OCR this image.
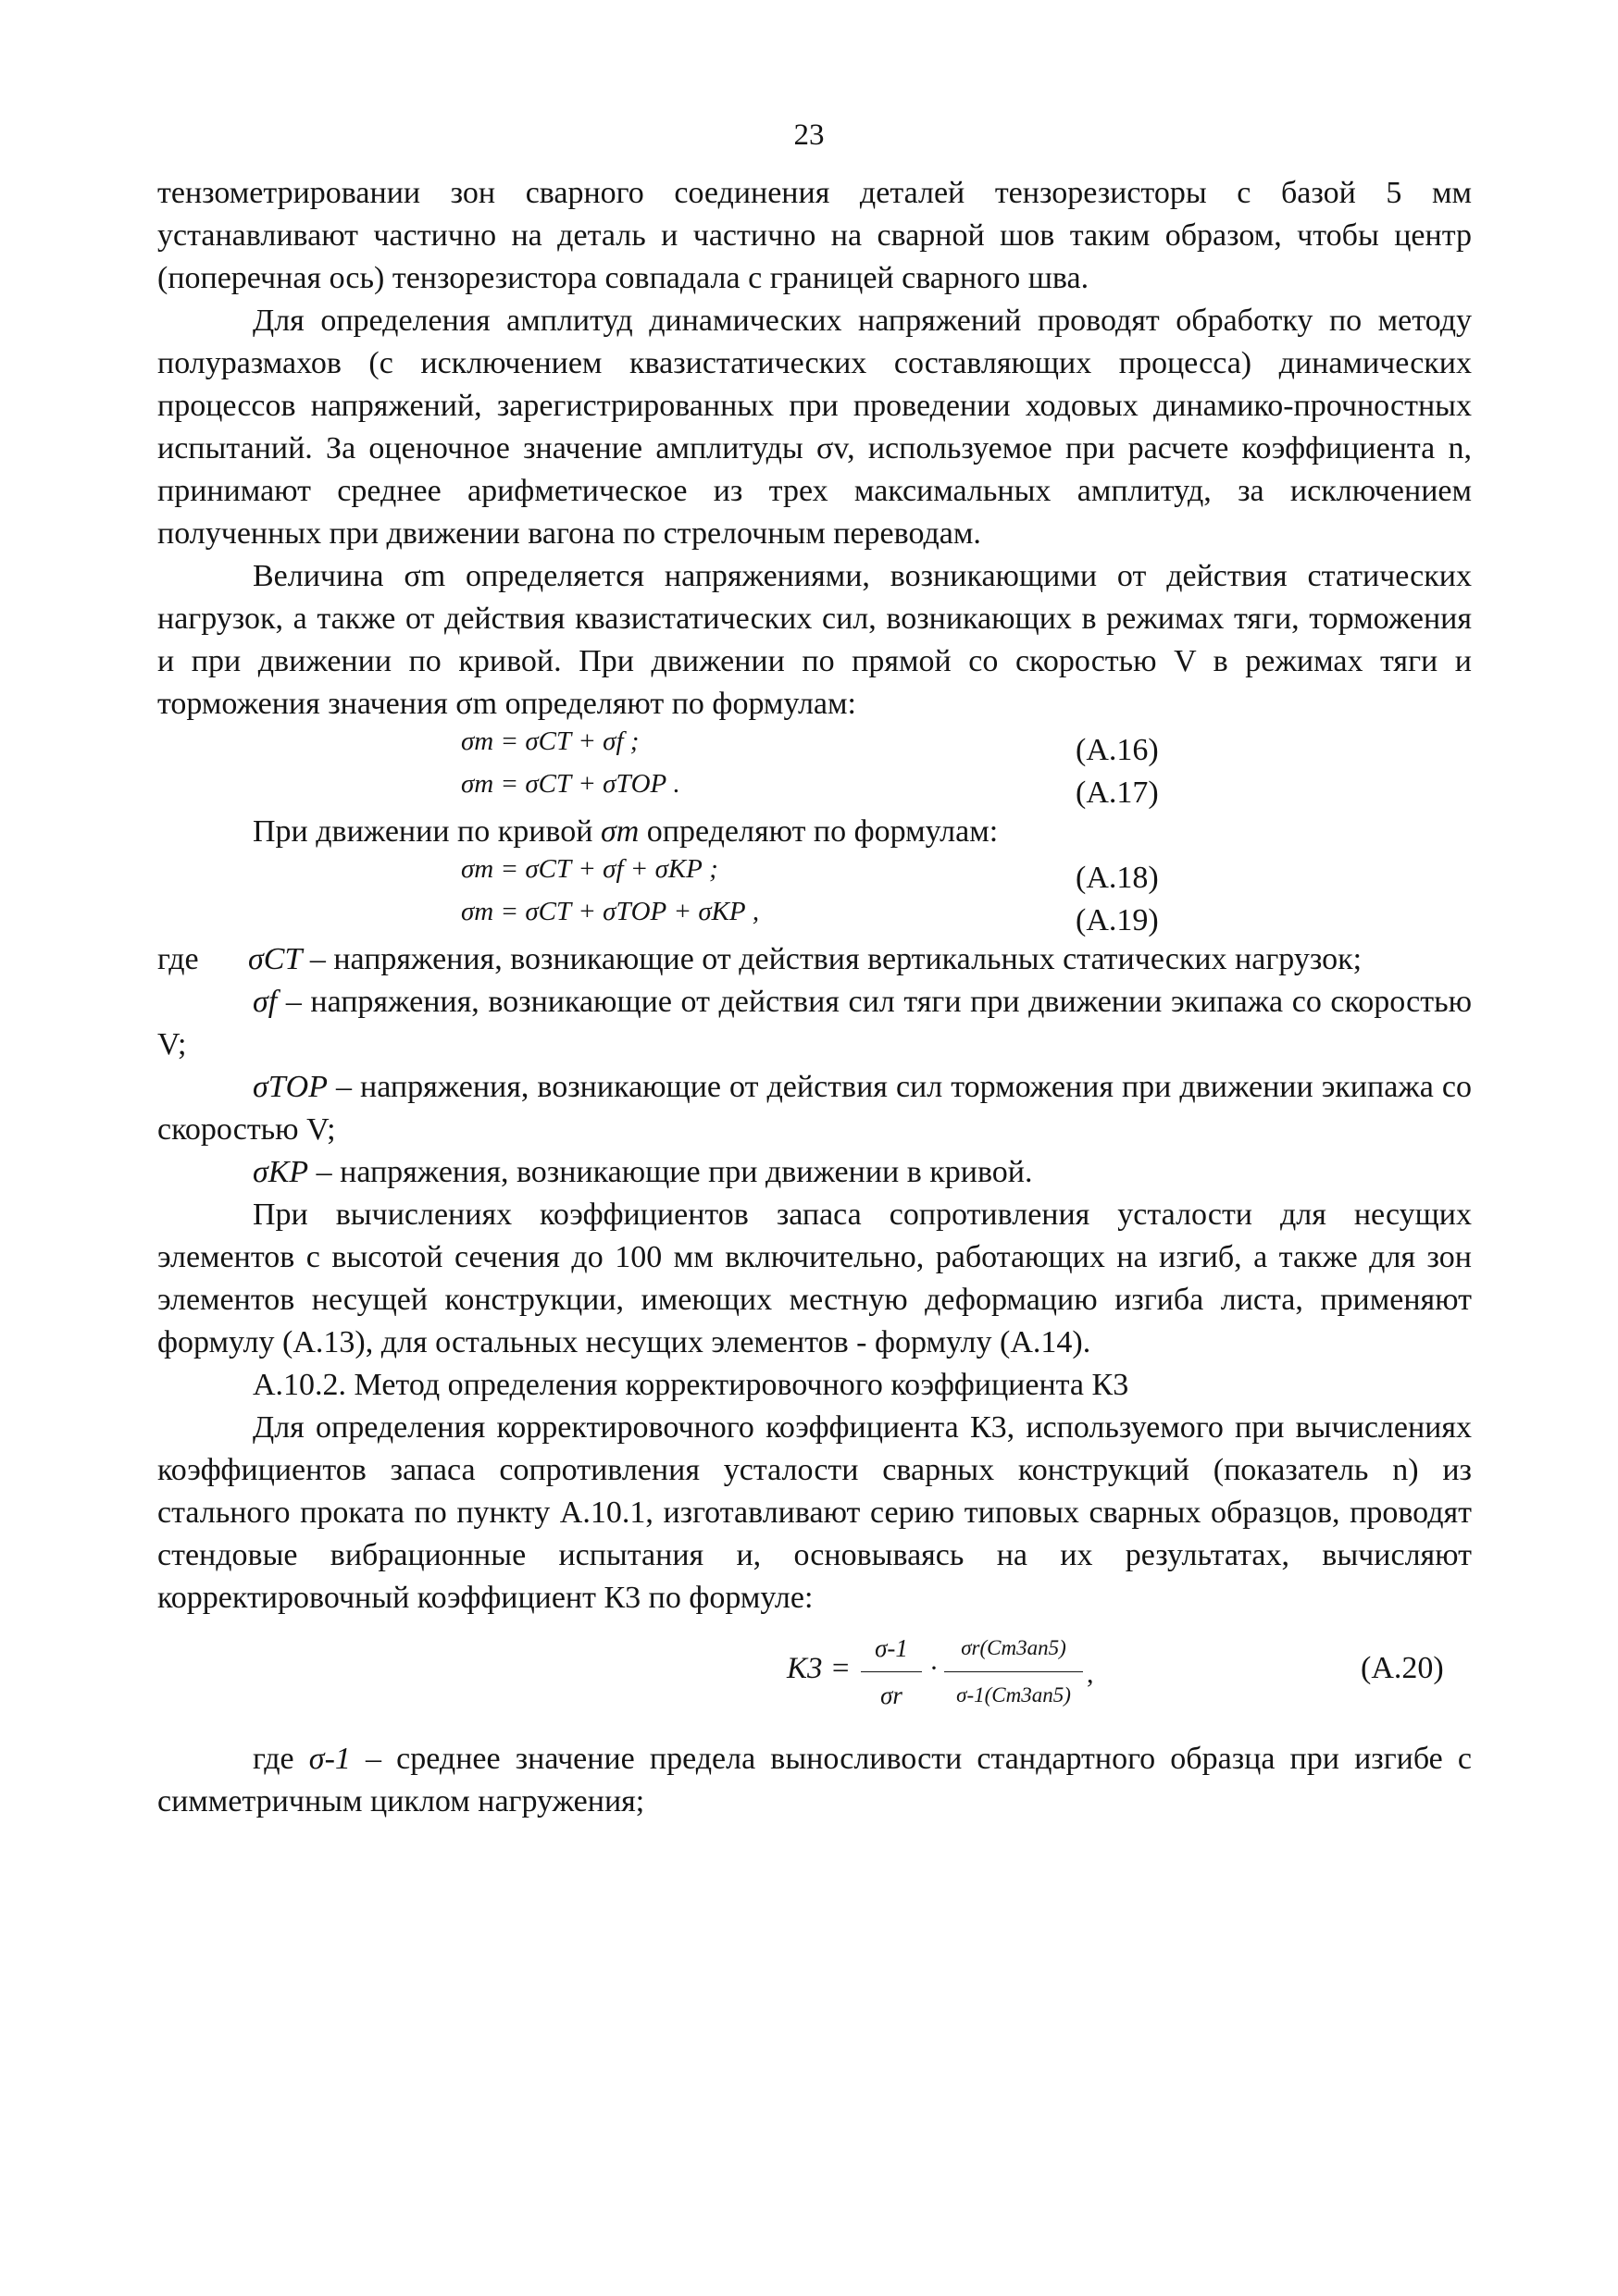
23

тензометрировании зон сварного соединения деталей тензорезисторы с базой 5 мм устанавливают частично на деталь и частично на сварной шов таким образом, чтобы центр (поперечная ось) тензорезистора совпадала с границей сварного шва.

Для определения амплитуд динамических напряжений проводят обработку по методу полуразмахов (с исключением квазистатических составляющих процесса) динамических процессов напряжений, зарегистрированных при проведении ходовых динамико-прочностных испытаний. За оценочное значение амплитуды σv, используемое при расчете коэффициента n, принимают среднее арифметическое из трех максимальных амплитуд, за исключением полученных при движении вагона по стрелочным переводам.

Величина σm определяется напряжениями, возникающими от действия статических нагрузок, а также от действия квазистатических сил, возникающих в режимах тяги, торможения и при движении по кривой. При движении по прямой со скоростью V в режимах тяги и торможения значения σm определяют по формулам:

σm = σСТ + σf ;	(А.16)
σm = σСТ + σТОР .	(А.17)

При движении по кривой σm определяют по формулам:

σm = σСТ + σf + σКР ;	(А.18)
σm = σСТ + σТОР + σКР ,	(А.19)

где σСТ – напряжения, возникающие от действия вертикальных статических нагрузок;

σf – напряжения, возникающие от действия сил тяги при движении экипажа со скоростью V;

σТОР – напряжения, возникающие от действия сил торможения при движении экипажа со скоростью V;

σКР – напряжения, возникающие при движении в кривой.

При вычислениях коэффициентов запаса сопротивления усталости для несущих элементов с высотой сечения до 100 мм включительно, работающих на изгиб, а также для зон элементов несущей конструкции, имеющих местную деформацию изгиба листа, применяют формулу (А.13), для остальных несущих элементов - формулу (А.14).

А.10.2. Метод определения корректировочного коэффициента К3

Для определения корректировочного коэффициента К3, используемого при вычислениях коэффициентов запаса сопротивления усталости сварных конструкций (показатель n) из стального проката по пункту А.10.1, изготавливают серию типовых сварных образцов, проводят стендовые вибрационные испытания и, основываясь на их результатах, вычисляют корректировочный коэффициент К3 по формуле:

$K3 = \frac{\sigma-1}{\sigma r} \cdot \frac{\sigma r(Cm3an5)}{\sigma-1(Cm3an5)}$ ,	(А.20)

где σ-1 – среднее значение предела выносливости стандартного образца при изгибе с симметричным циклом нагружения;
